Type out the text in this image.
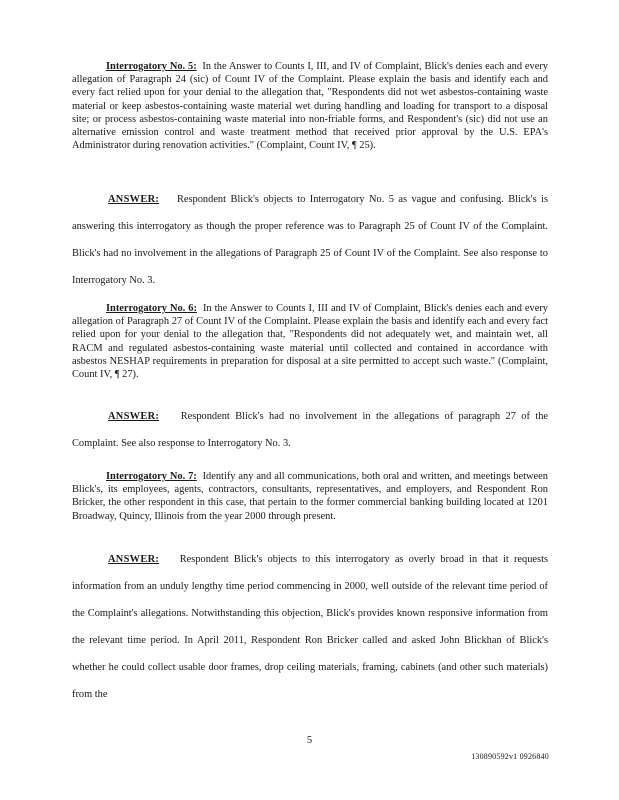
Interrogatory No. 5: In the Answer to Counts I, III, and IV of Complaint, Blick's denies each and every allegation of Paragraph 24 (sic) of Count IV of the Complaint. Please explain the basis and identify each and every fact relied upon for your denial to the allegation that, "Respondents did not wet asbestos-containing waste material or keep asbestos-containing waste material wet during handling and loading for transport to a disposal site; or process asbestos-containing waste material into non-friable forms, and Respondent's (sic) did not use an alternative emission control and waste treatment method that received prior approval by the U.S. EPA's Administrator during renovation activities." (Complaint, Count IV, ¶ 25).

ANSWER: Respondent Blick's objects to Interrogatory No. 5 as vague and confusing. Blick's is answering this interrogatory as though the proper reference was to Paragraph 25 of Count IV of the Complaint. Blick's had no involvement in the allegations of Paragraph 25 of Count IV of the Complaint. See also response to Interrogatory No. 3.

Interrogatory No. 6: In the Answer to Counts I, III and IV of Complaint, Blick's denies each and every allegation of Paragraph 27 of Count IV of the Complaint. Please explain the basis and identify each and every fact relied upon for your denial to the allegation that, "Respondents did not adequately wet, and maintain wet, all RACM and regulated asbestos-containing waste material until collected and contained in accordance with asbestos NESHAP requirements in preparation for disposal at a site permitted to accept such waste." (Complaint, Count IV, ¶ 27).

ANSWER: Respondent Blick's had no involvement in the allegations of paragraph 27 of the Complaint. See also response to Interrogatory No. 3.

Interrogatory No. 7: Identify any and all communications, both oral and written, and meetings between Blick's, its employees, agents, contractors, consultants, representatives, and employers, and Respondent Ron Bricker, the other respondent in this case, that pertain to the former commercial banking building located at 1201 Broadway, Quincy, Illinois from the year 2000 through present.

ANSWER: Respondent Blick's objects to this interrogatory as overly broad in that it requests information from an unduly lengthy time period commencing in 2000, well outside of the relevant time period of the Complaint's allegations. Notwithstanding this objection, Blick's provides known responsive information from the relevant time period. In April 2011, Respondent Ron Bricker called and asked John Blickhan of Blick's whether he could collect usable door frames, drop ceiling materials, framing, cabinets (and other such materials) from the

5
130890592v1 0926840
